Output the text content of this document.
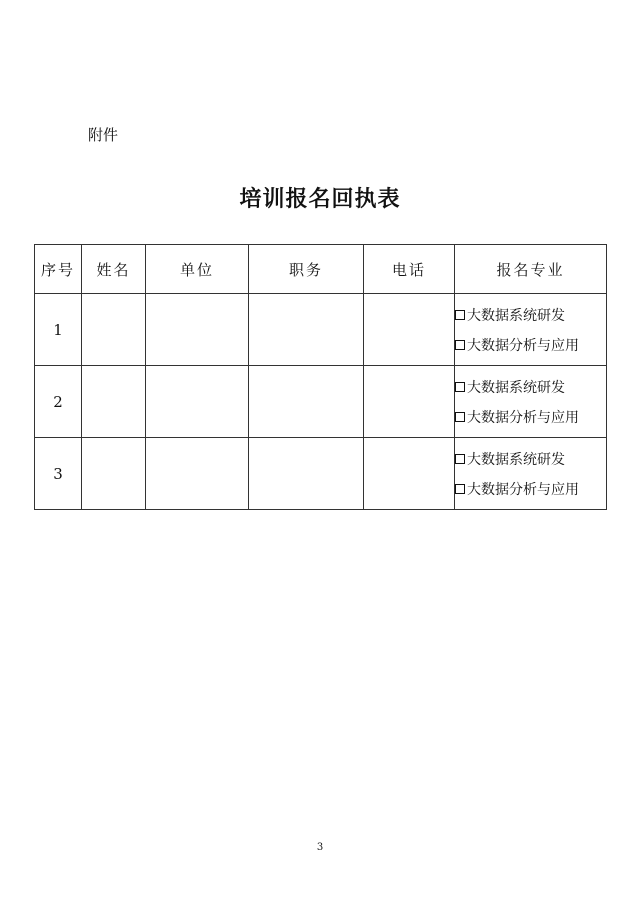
附件
培训报名回执表
序号	姓名	单位	职务	电话	报名专业
1					大数据系统研发
大数据分析与应用

2					大数据系统研发
大数据分析与应用

3					大数据系统研发
大数据分析与应用
3
